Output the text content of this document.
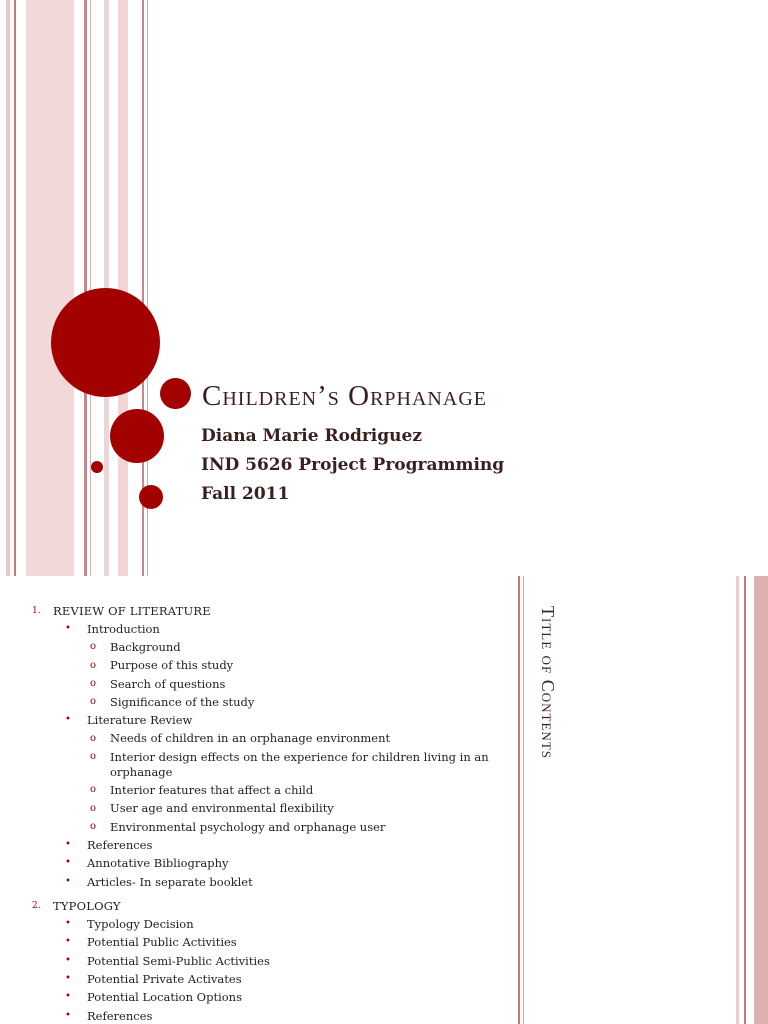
Children’s Orphanage

Diana Marie Rodriguez

IND 5626 Project Programming

Fall 2011

1. REVIEW OF LITERATURE
• Introduction
o Background
o Purpose of this study
o Search of questions
o Significance of the study
• Literature Review
o Needs of children in an orphanage environment
o Interior design effects on the experience for children living in an orphanage
o Interior features that affect a child
o User age and environmental flexibility
o Environmental psychology and orphanage user
• References
• Annotative Bibliography
• Articles- In separate booklet
2. TYPOLOGY
• Typology Decision
• Potential Public Activities
• Potential Semi-Public Activities
• Potential Private Activates
• Potential Location Options
• References
Title of Contents
